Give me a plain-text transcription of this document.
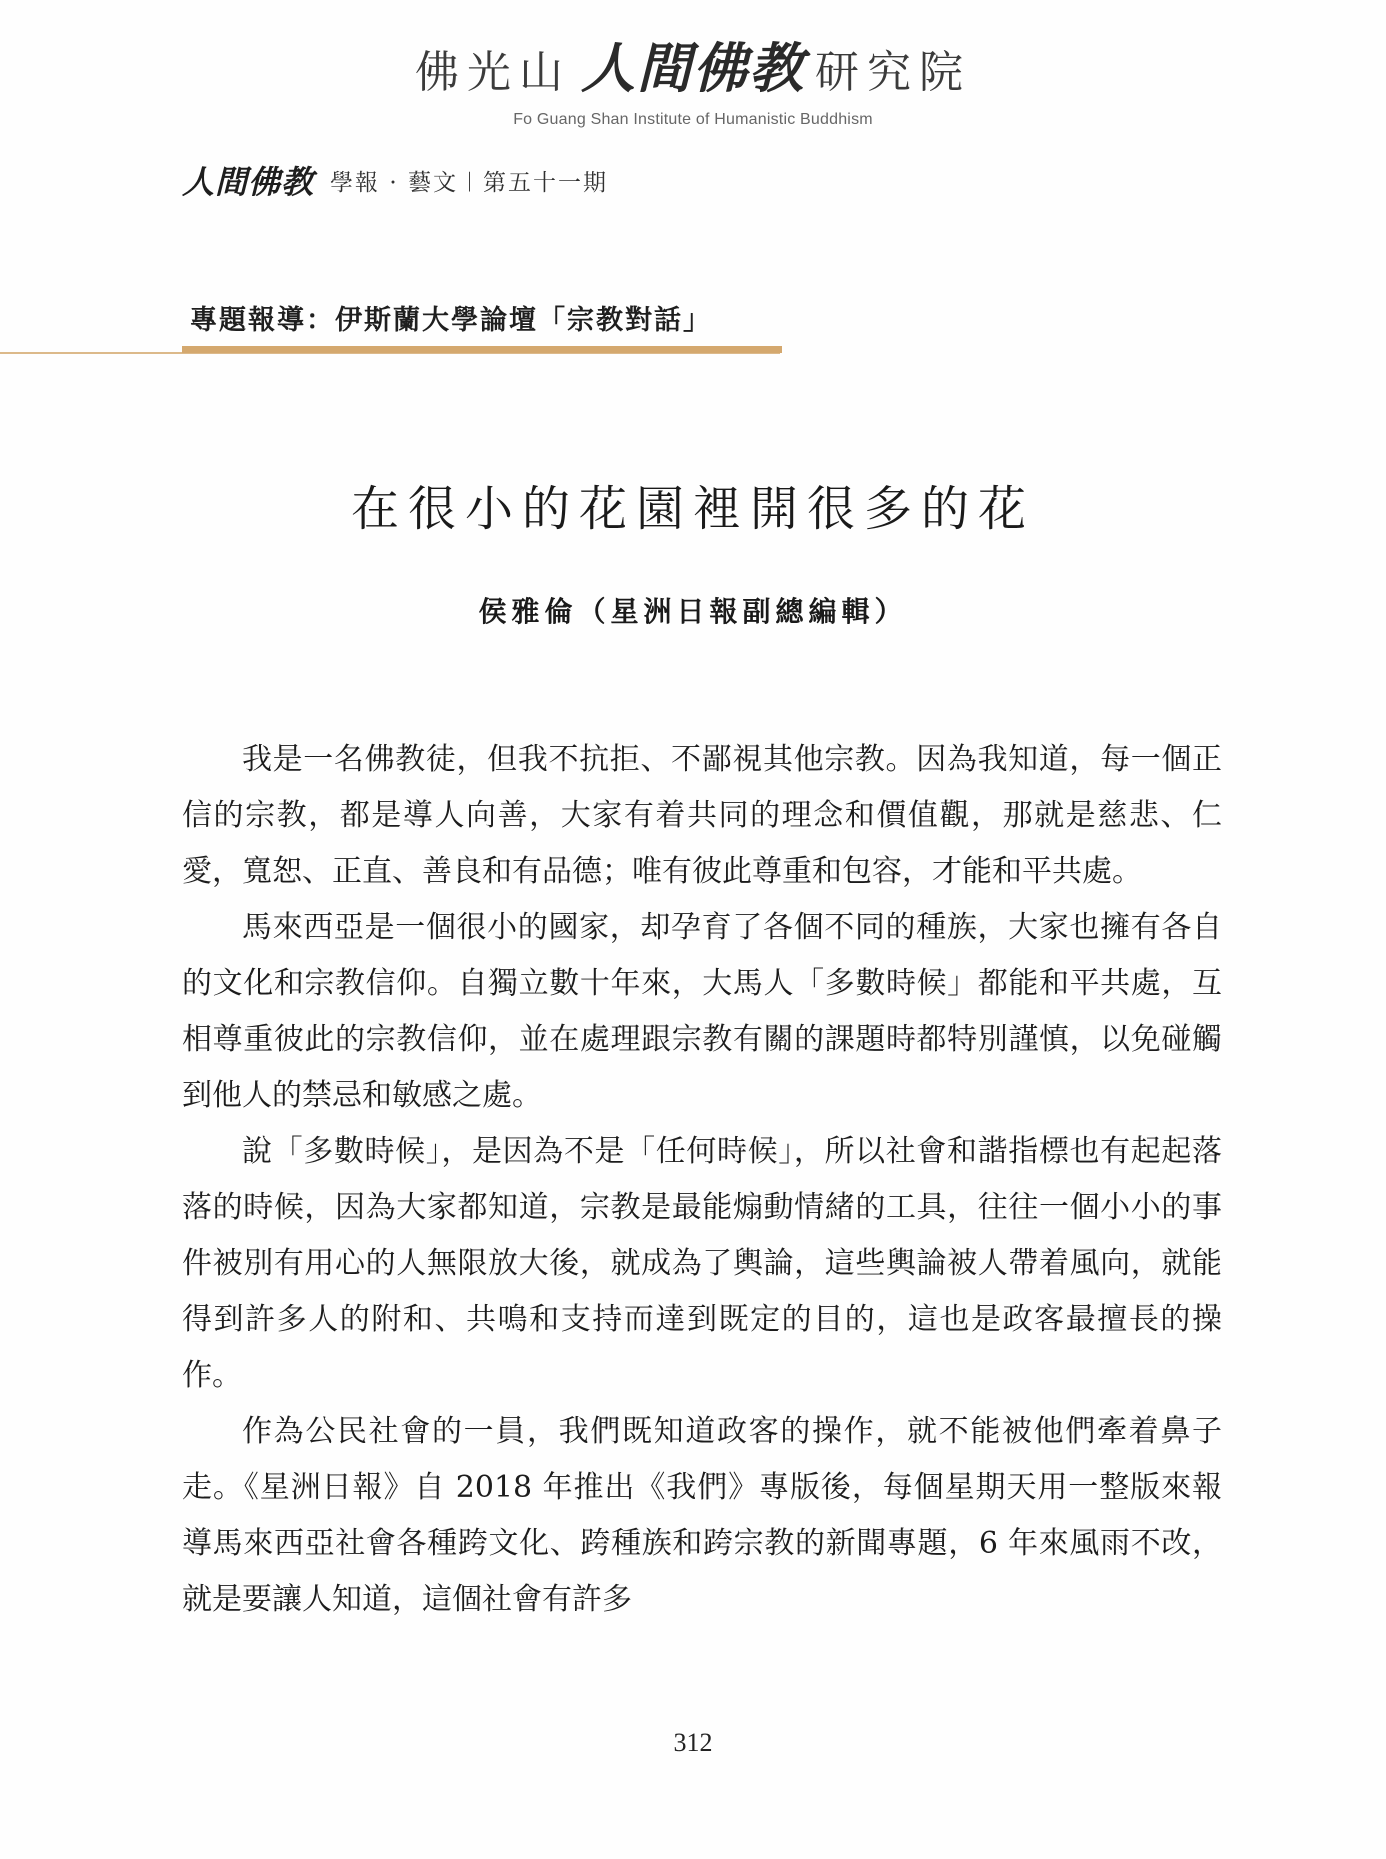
佛光山 人間佛教 研究院
Fo Guang Shan Institute of Humanistic Buddhism
人間佛教 學報 · 藝文︱第五十一期
專題報導：伊斯蘭大學論壇「宗教對話」
在很小的花園裡開很多的花
侯雅倫（星洲日報副總編輯）

我是一名佛教徒，但我不抗拒、不鄙視其他宗教。因為我知道，每一個正信的宗教，都是導人向善，大家有着共同的理念和價值觀，那就是慈悲、仁愛，寬恕、正直、善良和有品德；唯有彼此尊重和包容，才能和平共處。

馬來西亞是一個很小的國家，却孕育了各個不同的種族，大家也擁有各自的文化和宗教信仰。自獨立數十年來，大馬人「多數時候」都能和平共處，互相尊重彼此的宗教信仰，並在處理跟宗教有關的課題時都特別謹慎，以免碰觸到他人的禁忌和敏感之處。

說「多數時候」，是因為不是「任何時候」，所以社會和諧指標也有起起落落的時候，因為大家都知道，宗教是最能煽動情緒的工具，往往一個小小的事件被別有用心的人無限放大後，就成為了輿論，這些輿論被人帶着風向，就能得到許多人的附和、共鳴和支持而達到既定的目的，這也是政客最擅長的操作。

作為公民社會的一員，我們既知道政客的操作，就不能被他們牽着鼻子走。《星洲日報》自 2018 年推出《我們》專版後，每個星期天用一整版來報導馬來西亞社會各種跨文化、跨種族和跨宗教的新聞專題，6 年來風雨不改，就是要讓人知道，這個社會有許多

312
